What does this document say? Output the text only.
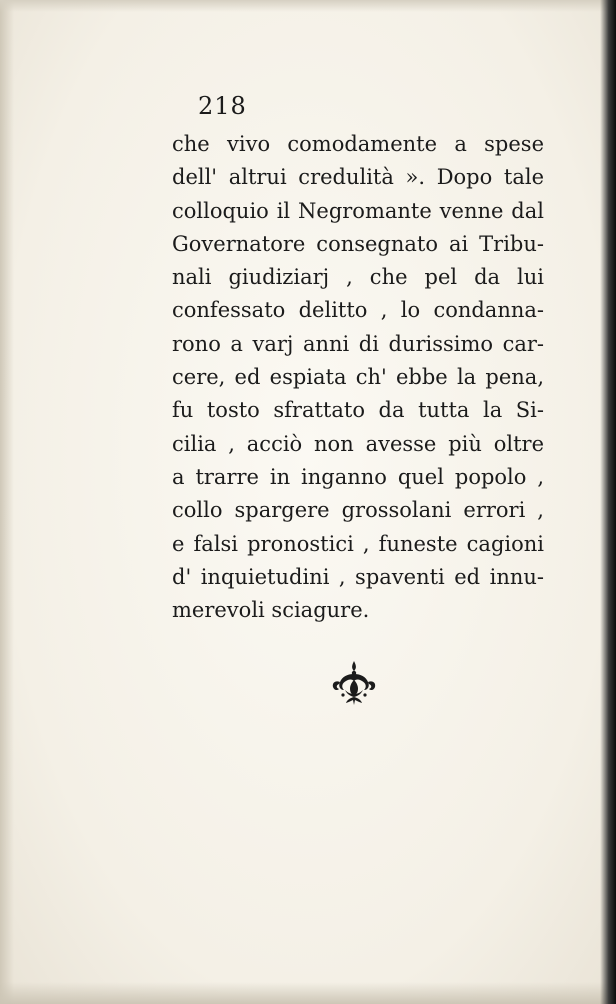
218
che vivo comodamente a spese
dell' altrui credulità ». Dopo tale
colloquio il Negromante venne dal
Governatore consegnato ai Tribu-
nali giudiziarj , che pel da lui
confessato delitto , lo condanna-
rono a varj anni di durissimo car-
cere, ed espiata ch' ebbe la pena,
fu tosto sfrattato da tutta la Si-
cilia , acciò non avesse più oltre
a trarre in inganno quel popolo ,
collo spargere grossolani errori ,
e falsi pronostici , funeste cagioni
d' inquietudini , spaventi ed innu-
merevoli sciagure.
